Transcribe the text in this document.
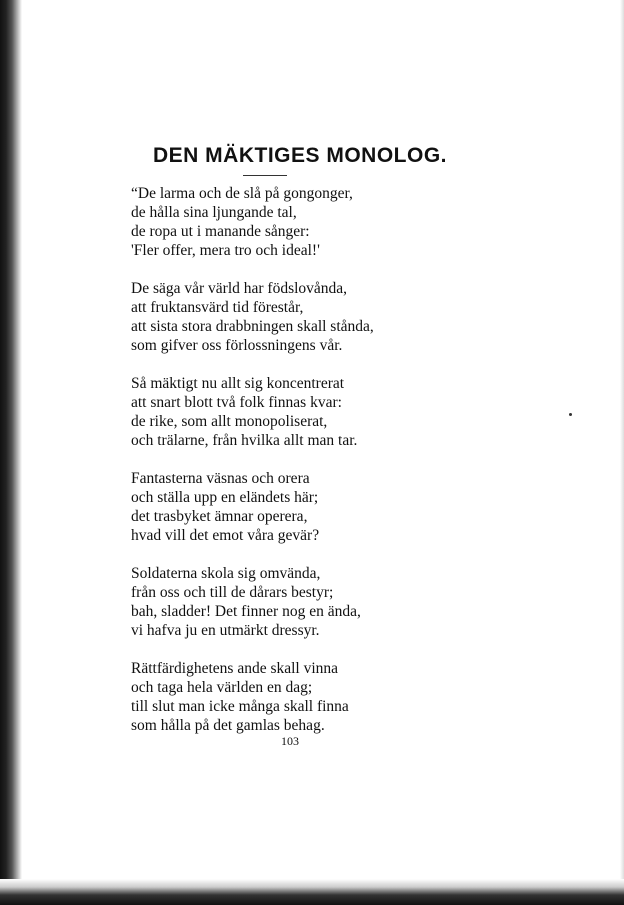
DEN MÄKTIGES MONOLOG.
“De larma och de slå på gongonger,
de hålla sina ljungande tal,
de ropa ut i manande sånger:
'Fler offer, mera tro och ideal!'
De säga vår värld har födslovånda,
att fruktansvärd tid förestår,
att sista stora drabbningen skall stånda,
som gifver oss förlossningens vår.
Så mäktigt nu allt sig koncentrerat
att snart blott två folk finnas kvar:
de rike, som allt monopoliserat,
och trälarne, från hvilka allt man tar.
Fantasterna väsnas och orera
och ställa upp en eländets här;
det trasbyket ämnar operera,
hvad vill det emot våra gevär?
Soldaterna skola sig omvända,
från oss och till de dårars bestyr;
bah, sladder! Det finner nog en ända,
vi hafva ju en utmärkt dressyr.
Rättfärdighetens ande skall vinna
och taga hela världen en dag;
till slut man icke många skall finna
som hålla på det gamlas behag.
103
